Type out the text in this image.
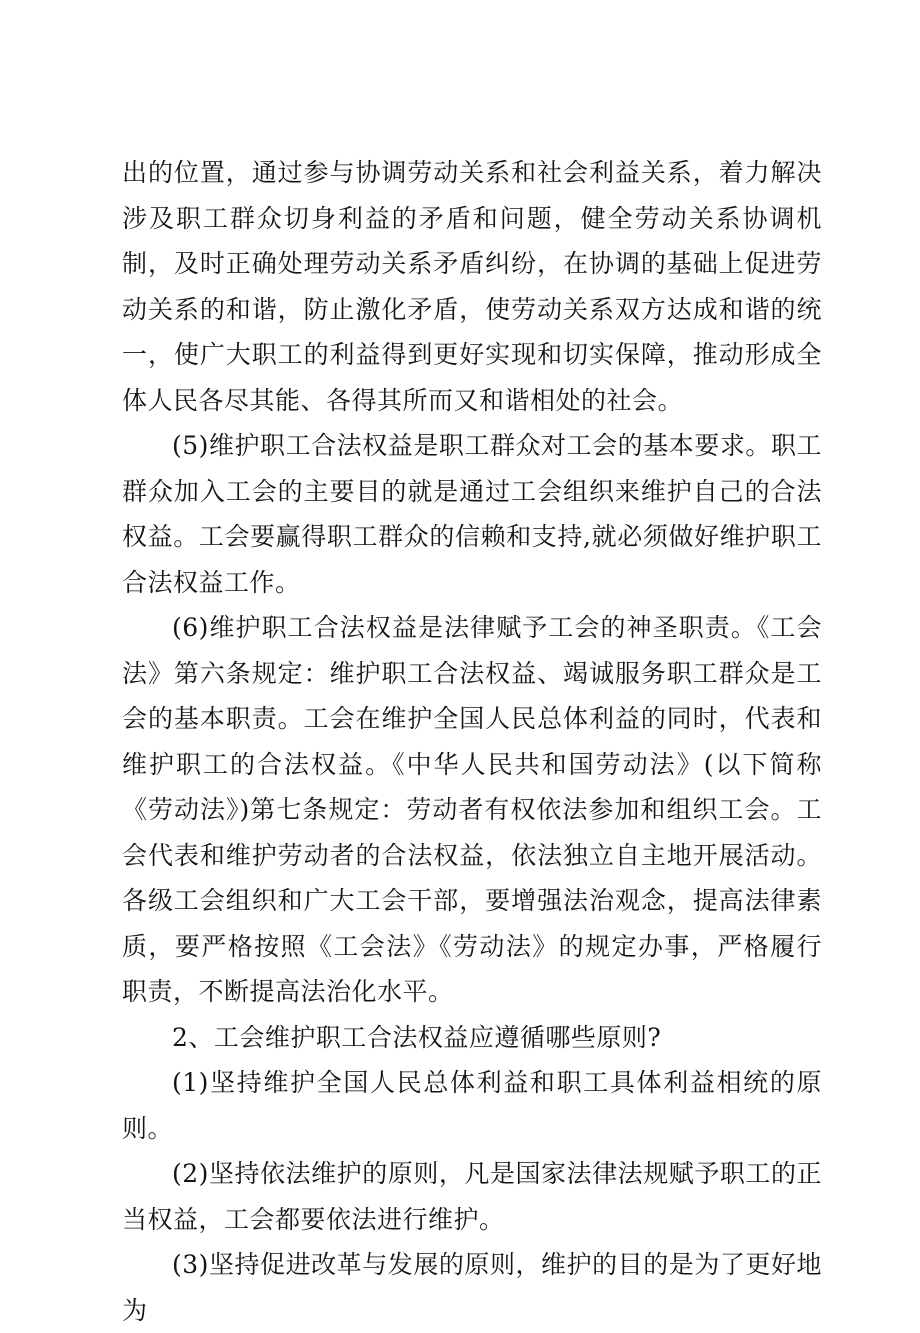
出的位置，通过参与协调劳动关系和社会利益关系，着力解决涉及职工群众切身利益的矛盾和问题，健全劳动关系协调机制，及时正确处理劳动关系矛盾纠纷，在协调的基础上促进劳动关系的和谐，防止激化矛盾，使劳动关系双方达成和谐的统一，使广大职工的利益得到更好实现和切实保障，推动形成全体人民各尽其能、各得其所而又和谐相处的社会。

(5)维护职工合法权益是职工群众对工会的基本要求。职工群众加入工会的主要目的就是通过工会组织来维护自己的合法权益。工会要赢得职工群众的信赖和支持,就必须做好维护职工合法权益工作。

(6)维护职工合法权益是法律赋予工会的神圣职责。《工会法》第六条规定：维护职工合法权益、竭诚服务职工群众是工会的基本职责。工会在维护全国人民总体利益的同时，代表和维护职工的合法权益。《中华人民共和国劳动法》(以下简称《劳动法》)第七条规定：劳动者有权依法参加和组织工会。工会代表和维护劳动者的合法权益，依法独立自主地开展活动。各级工会组织和广大工会干部，要增强法治观念，提高法律素质，要严格按照《工会法》《劳动法》的规定办事，严格履行职责，不断提高法治化水平。

2、工会维护职工合法权益应遵循哪些原则?

(1)坚持维护全国人民总体利益和职工具体利益相统的原则。

(2)坚持依法维护的原则，凡是国家法律法规赋予职工的正当权益，工会都要依法进行维护。

(3)坚持促进改革与发展的原则，维护的目的是为了更好地为
